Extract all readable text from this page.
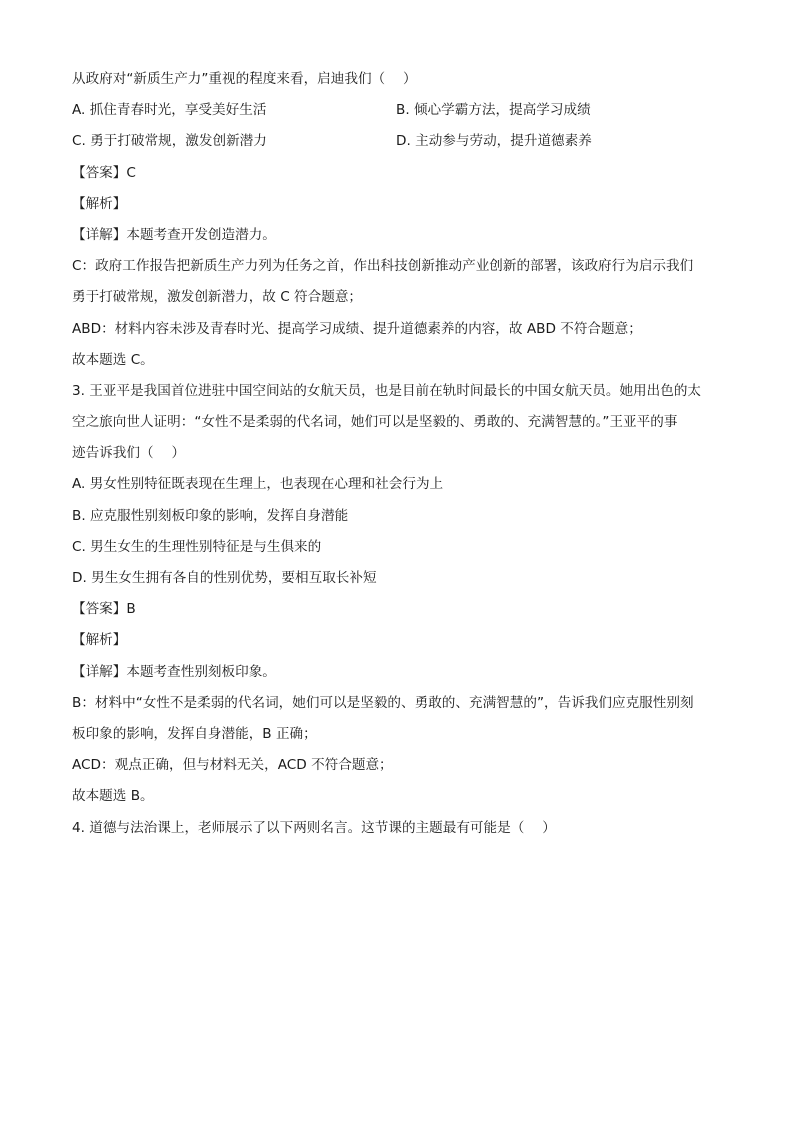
从政府对“新质生产力”重视的程度来看，启迪我们（　 ）
A. 抓住青春时光，享受美好生活	B. 倾心学霸方法，提高学习成绩
C. 勇于打破常规，激发创新潜力	D. 主动参与劳动，提升道德素养
【答案】C
【解析】
【详解】本题考查开发创造潜力。
C：政府工作报告把新质生产力列为任务之首，作出科技创新推动产业创新的部署，该政府行为启示我们
勇于打破常规，激发创新潜力，故 C 符合题意；
ABD：材料内容未涉及青春时光、提高学习成绩、提升道德素养的内容，故 ABD 不符合题意；
故本题选 C。
3. 王亚平是我国首位进驻中国空间站的女航天员，也是目前在轨时间最长的中国女航天员。她用出色的太
空之旅向世人证明：“女性不是柔弱的代名词，她们可以是坚毅的、勇敢的、充满智慧的。”王亚平的事
迹告诉我们（　 ）
A. 男女性别特征既表现在生理上，也表现在心理和社会行为上
B. 应克服性别刻板印象的影响，发挥自身潜能
C. 男生女生的生理性别特征是与生俱来的
D. 男生女生拥有各自的性别优势，要相互取长补短
【答案】B
【解析】
【详解】本题考查性别刻板印象。
B：材料中“女性不是柔弱的代名词，她们可以是坚毅的、勇敢的、充满智慧的”，告诉我们应克服性别刻
板印象的影响，发挥自身潜能，B 正确；
ACD：观点正确，但与材料无关，ACD 不符合题意；
故本题选 B。
4. 道德与法治课上，老师展示了以下两则名言。这节课的主题最有可能是（　 ）
